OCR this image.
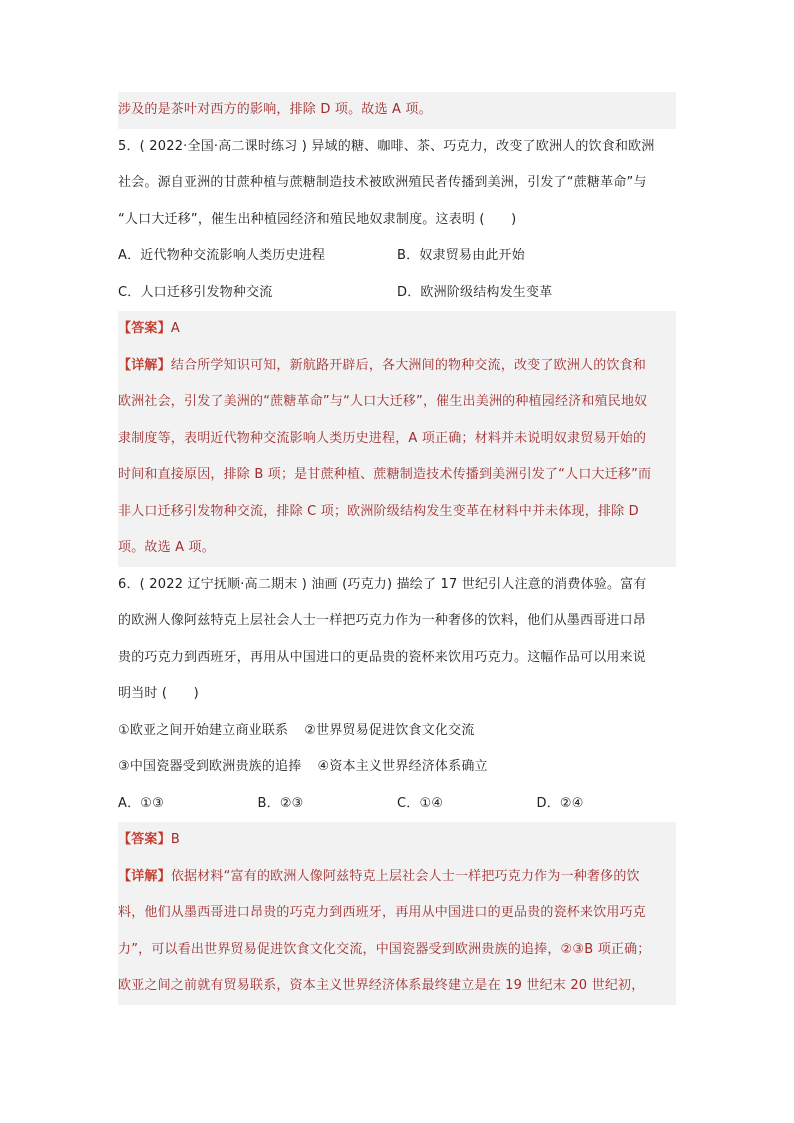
涉及的是茶叶对西方的影响，排除 D 项。故选 A 项。
5．( 2022·全国·高二课时练习 ) 异域的糖、咖啡、茶、巧克力，改变了欧洲人的饮食和欧洲
社会。源自亚洲的甘蔗种植与蔗糖制造技术被欧洲殖民者传播到美洲，引发了“蔗糖革命”与
“人口大迁移”，催生出种植园经济和殖民地奴隶制度。这表明 (　　)
A．近代物种交流影响人类历史进程	B．奴隶贸易由此开始
C．人口迁移引发物种交流	D．欧洲阶级结构发生变革
【答案】A
【详解】结合所学知识可知，新航路开辟后，各大洲间的物种交流，改变了欧洲人的饮食和
欧洲社会，引发了美洲的“蔗糖革命”与“人口大迁移”，催生出美洲的种植园经济和殖民地奴
隶制度等，表明近代物种交流影响人类历史进程，A 项正确；材料并未说明奴隶贸易开始的
时间和直接原因，排除 B 项；是甘蔗种植、蔗糖制造技术传播到美洲引发了“人口大迁移”而
非人口迁移引发物种交流，排除 C 项；欧洲阶级结构发生变革在材料中并未体现，排除 D
项。故选 A 项。
6．( 2022 辽宁抚顺·高二期末 ) 油画 (巧克力) 描绘了 17 世纪引人注意的消费体验。富有
的欧洲人像阿兹特克上层社会人士一样把巧克力作为一种奢侈的饮料，他们从墨西哥进口昂
贵的巧克力到西班牙，再用从中国进口的更品贵的瓷杯来饮用巧克力。这幅作品可以用来说
明当时 (　　)
①欧亚之间开始建立商业联系 ②世界贸易促进饮食文化交流
③中国瓷器受到欧洲贵族的追捧 ④资本主义世界经济体系确立
A．①③	B．②③	C．①④	D．②④
【答案】B
【详解】依据材料“富有的欧洲人像阿兹特克上层社会人士一样把巧克力作为一种奢侈的饮
料，他们从墨西哥进口昂贵的巧克力到西班牙，再用从中国进口的更品贵的瓷杯来饮用巧克
力”，可以看出世界贸易促进饮食文化交流，中国瓷器受到欧洲贵族的追捧，②③B 项正确；
欧亚之间之前就有贸易联系，资本主义世界经济体系最终建立是在 19 世纪末 20 世纪初，
